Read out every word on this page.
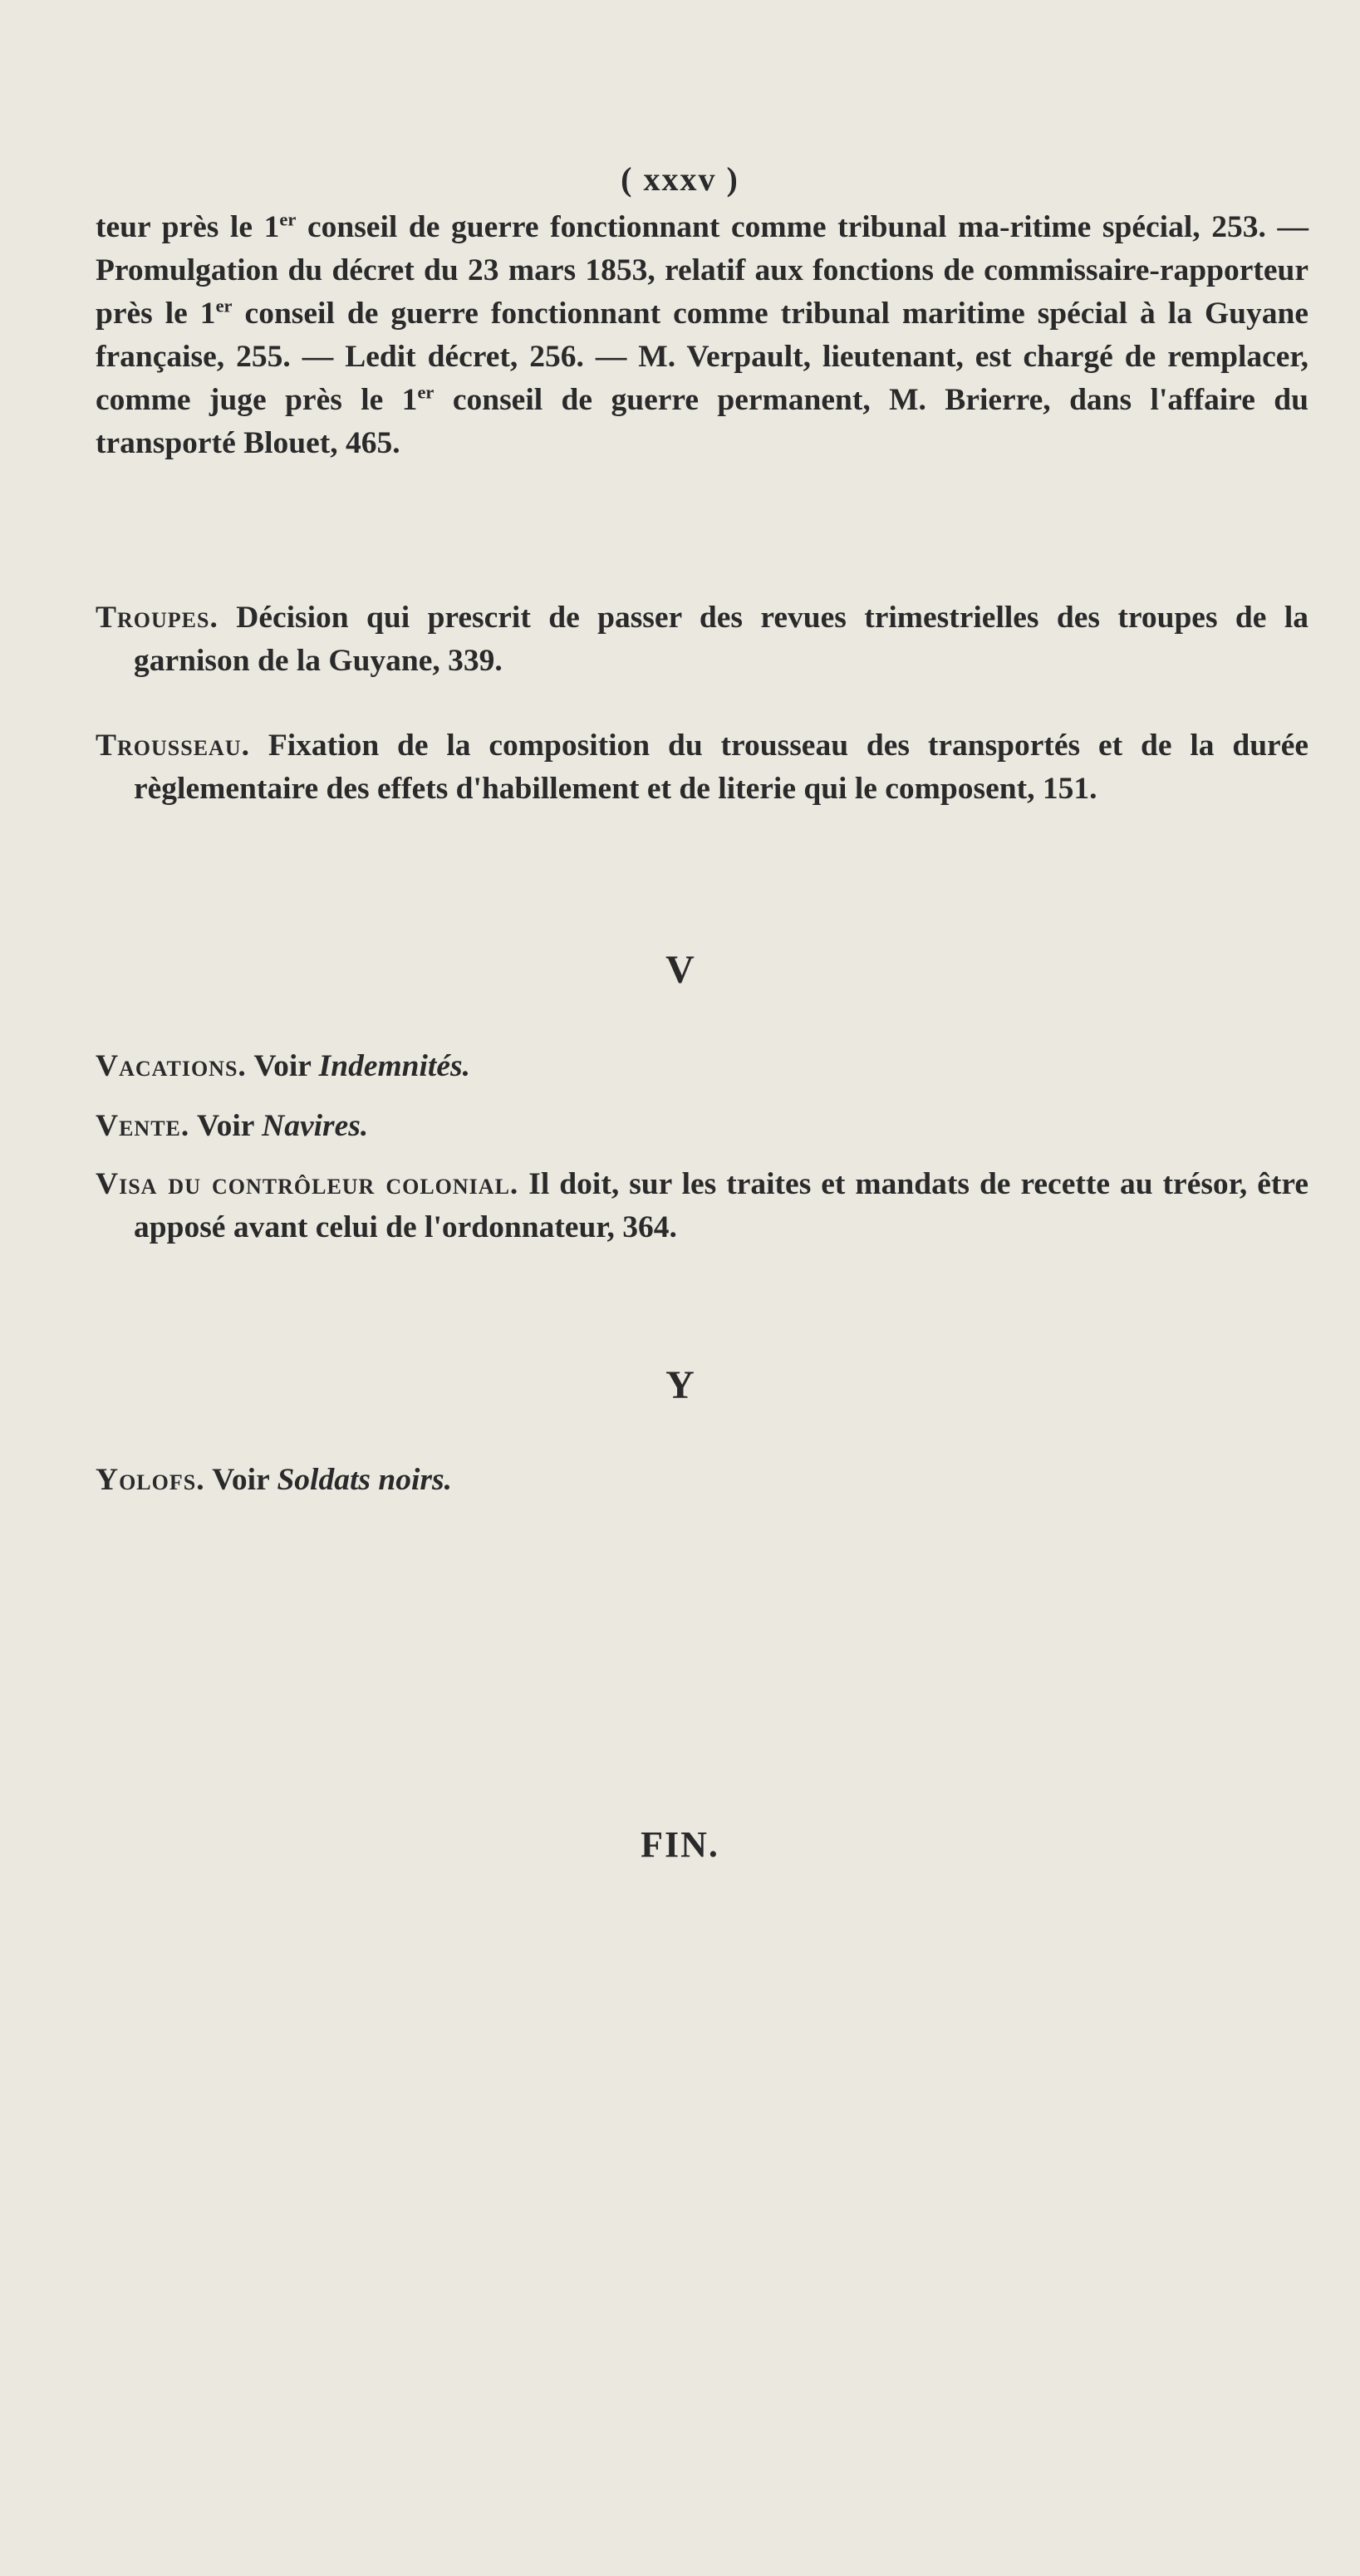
( xxxv )
teur près le 1er conseil de guerre fonctionnant comme tribunal ma-ritime spécial, 253. — Promulgation du décret du 23 mars 1853, relatif aux fonctions de commissaire-rapporteur près le 1er conseil de guerre fonctionnant comme tribunal maritime spécial à la Guyane française, 255. — Ledit décret, 256. — M. Verpault, lieutenant, est chargé de remplacer, comme juge près le 1er conseil de guerre permanent, M. Brierre, dans l'affaire du transporté Blouet, 465.
Troupes. Décision qui prescrit de passer des revues trimestrielles des troupes de la garnison de la Guyane, 339.
Trousseau. Fixation de la composition du trousseau des transportés et de la durée règlementaire des effets d'habillement et de literie qui le composent, 151.
V
Vacations. Voir Indemnités.
Vente. Voir Navires.
Visa du contrôleur colonial. Il doit, sur les traites et mandats de recette au trésor, être apposé avant celui de l'ordonnateur, 364.
Y
Yolofs. Voir Soldats noirs.
FIN.
